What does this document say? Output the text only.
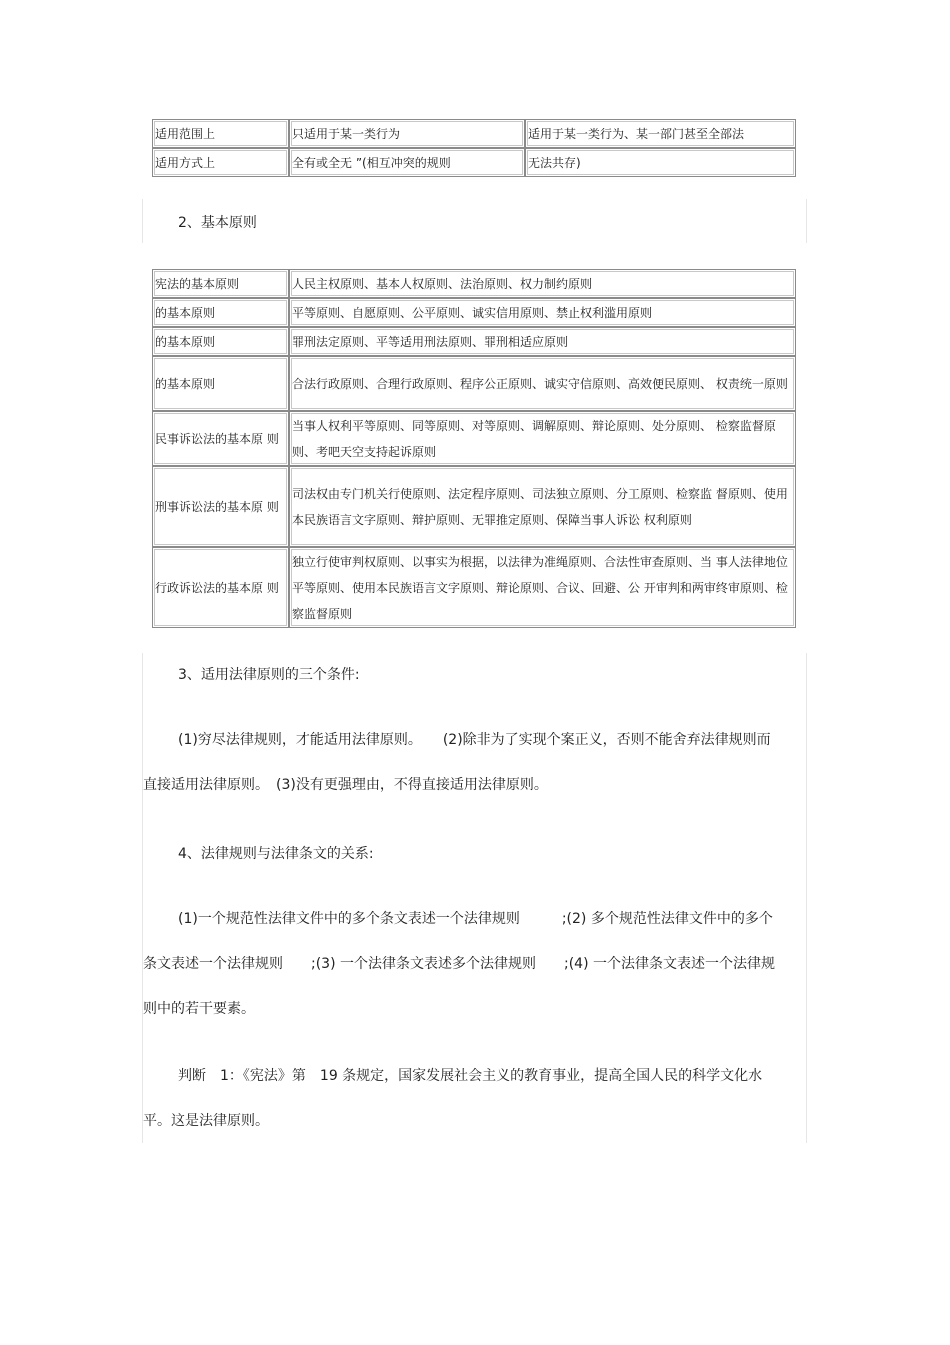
适用范围上	只适用于某一类行为	适用于某一类行为、某一部门甚至全部法
适用方式上	全有或全无 ”(相互冲突的规则	无法共存)
2、基本原则
宪法的基本原则	人民主权原则、基本人权原则、法治原则、权力制约原则
的基本原则	平等原则、自愿原则、公平原则、诚实信用原则、禁止权利滥用原则
的基本原则	罪刑法定原则、平等适用刑法原则、罪刑相适应原则
的基本原则	合法行政原则、合理行政原则、程序公正原则、诚实守信原则、高效便民原则、 权责统一原则
民事诉讼法的基本原 则	当事人权利平等原则、同等原则、对等原则、调解原则、辩论原则、处分原则、 检察监督原则、考吧天空支持起诉原则
刑事诉讼法的基本原 则	司法权由专门机关行使原则、法定程序原则、司法独立原则、分工原则、检察监 督原则、使用本民族语言文字原则、辩护原则、无罪推定原则、保障当事人诉讼 权利原则
行政诉讼法的基本原 则	独立行使审判权原则、以事实为根据，以法律为准绳原则、合法性审查原则、当 事人法律地位平等原则、使用本民族语言文字原则、辩论原则、合议、回避、公 开审判和两审终审原则、检察监督原则
3、适用法律原则的三个条件:
(1)穷尽法律规则，才能适用法律原则。　　(2)除非为了实现个案正义，否则不能舍弃法律规则而直接适用法律原则。　(3)没有更强理由，不得直接适用法律原则。
4、法律规则与法律条文的关系:
(1)一个规范性法律文件中的多个条文表述一个法律规则　　　;(2) 多个规范性法律文件中的多个条文表述一个法律规则　　;(3) 一个法律条文表述多个法律规则　　;(4) 一个法律条文表述一个法律规则中的若干要素。
判断　1：《宪法》第　19 条规定，国家发展社会主义的教育事业，提高全国人民的科学文化水平。这是法律原则。
